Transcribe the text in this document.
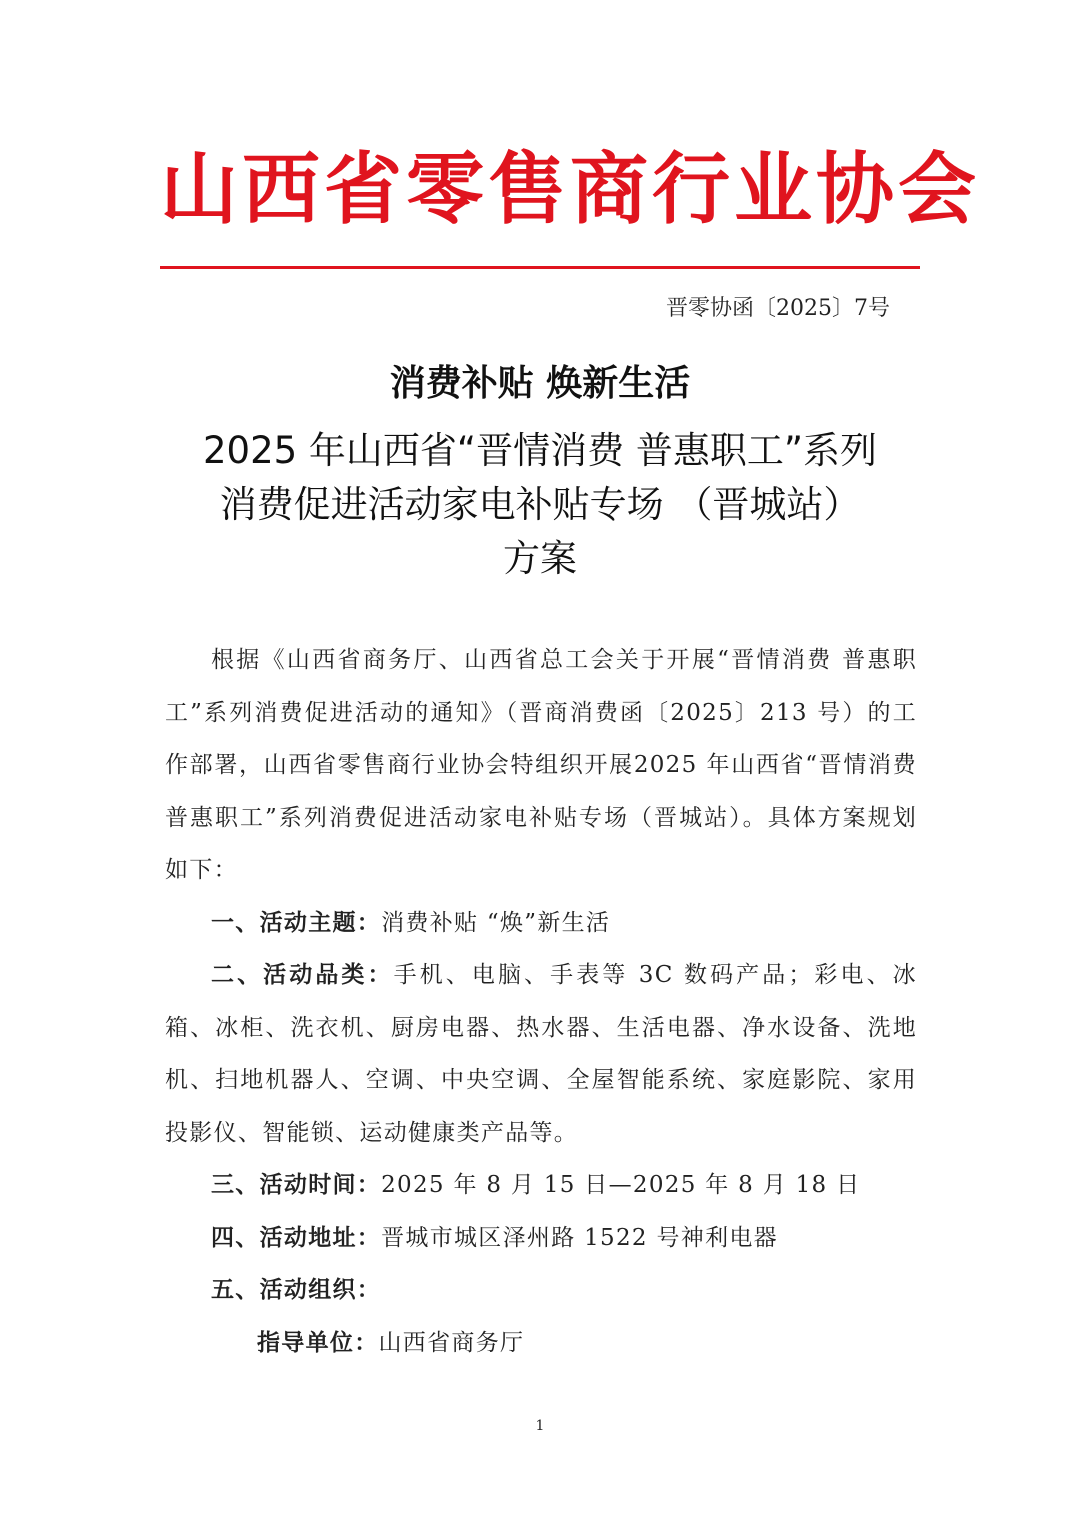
山西省零售商行业协会
晋零协函〔2025〕7号
消费补贴 焕新生活
2025 年山西省“晋情消费 普惠职工”系列
消费促进活动家电补贴专场 （晋城站）
方案

根据《山西省商务厅、山西省总工会关于开展“晋情消费 普惠职工”系列消费促进活动的通知》（晋商消费函〔2025〕213 号）的工作部署，山西省零售商行业协会特组织开展2025 年山西省“晋情消费 普惠职工”系列消费促进活动家电补贴专场（晋城站）。具体方案规划如下：

一、活动主题：消费补贴 “焕”新生活

二、活动品类：手机、电脑、手表等 3C 数码产品；彩电、冰箱、冰柜、洗衣机、厨房电器、热水器、生活电器、净水设备、洗地机、扫地机器人、空调、中央空调、全屋智能系统、家庭影院、家用投影仪、智能锁、运动健康类产品等。

三、活动时间：2025 年 8 月 15 日—2025 年 8 月 18 日

四、活动地址：晋城市城区泽州路 1522 号神利电器

五、活动组织：

指导单位：山西省商务厅

1
